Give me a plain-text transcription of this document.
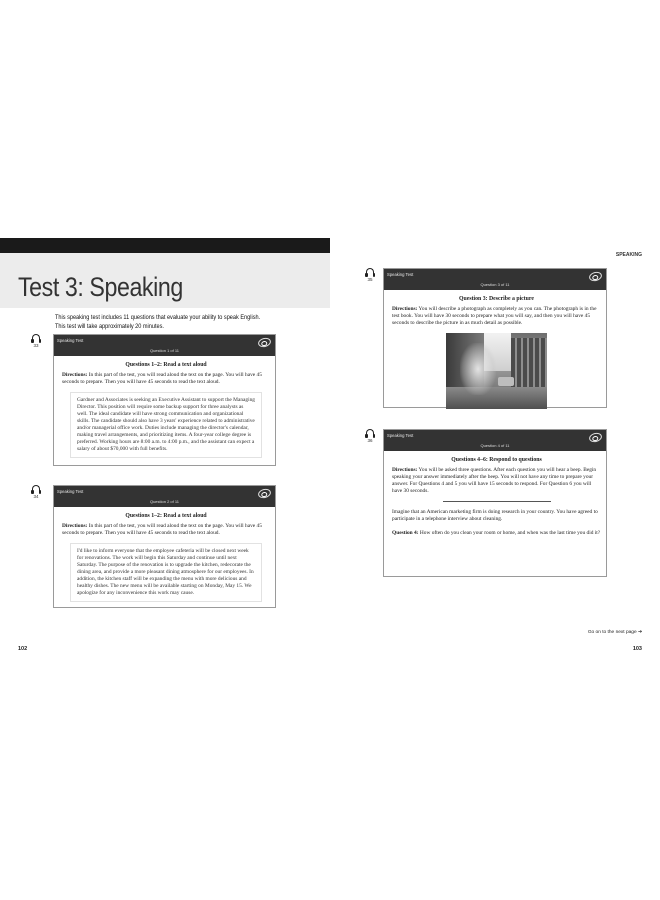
Test 3: Speaking
This speaking test includes 11 questions that evaluate your ability to speak English. This test will take approximately 20 minutes.
33
Speaking Test
Question 1 of 11
Questions 1–2: Read a text aloud
Directions: In this part of the test, you will read aloud the text on the page. You will have 45 seconds to prepare. Then you will have 45 seconds to read the text aloud.
Gardner and Associates is seeking an Executive Assistant to support the Managing Director. This position will require some backup support for three analysts as well. The ideal candidate will have strong communication and organizational skills. The candidate should also have 3 years' experience related to administrative and/or managerial office work. Duties include managing the director's calendar, making travel arrangements, and prioritizing items. A four-year college degree is preferred. Working hours are 8:00 a.m. to 4:00 p.m., and the assistant can expect a salary of about $70,000 with full benefits.
34
Speaking Test
Question 2 of 11
Questions 1–2: Read a text aloud
Directions: In this part of the test, you will read aloud the text on the page. You will have 45 seconds to prepare. Then you will have 45 seconds to read the text aloud.
I'd like to inform everyone that the employee cafeteria will be closed next week for renovations. The work will begin this Saturday and continue until next Saturday. The purpose of the renovation is to upgrade the kitchen, redecorate the dining area, and provide a more pleasant dining atmosphere for our employees. In addition, the kitchen staff will be expanding the menu with more delicious and healthy dishes. The new menu will be available starting on Monday, May 15. We apologize for any inconvenience this work may cause.
102
SPEAKING
35
Speaking Test
Question 3 of 11
Question 3: Describe a picture
Directions: You will describe a photograph as completely as you can. The photograph is in the test book. You will have 30 seconds to prepare what you will say, and then you will have 45 seconds to describe the picture in as much detail as possible.
36
Speaking Test
Question 4 of 11
Questions 4–6: Respond to questions
Directions: You will be asked three questions. After each question you will hear a beep. Begin speaking your answer immediately after the beep. You will not have any time to prepare your answer. For Questions 4 and 5 you will have 15 seconds to respond. For Question 6 you will have 30 seconds.
Imagine that an American marketing firm is doing research in your country. You have agreed to participate in a telephone interview about cleaning.
Question 4: How often do you clean your room or home, and when was the last time you did it?
Go on to the next page ➔
103
